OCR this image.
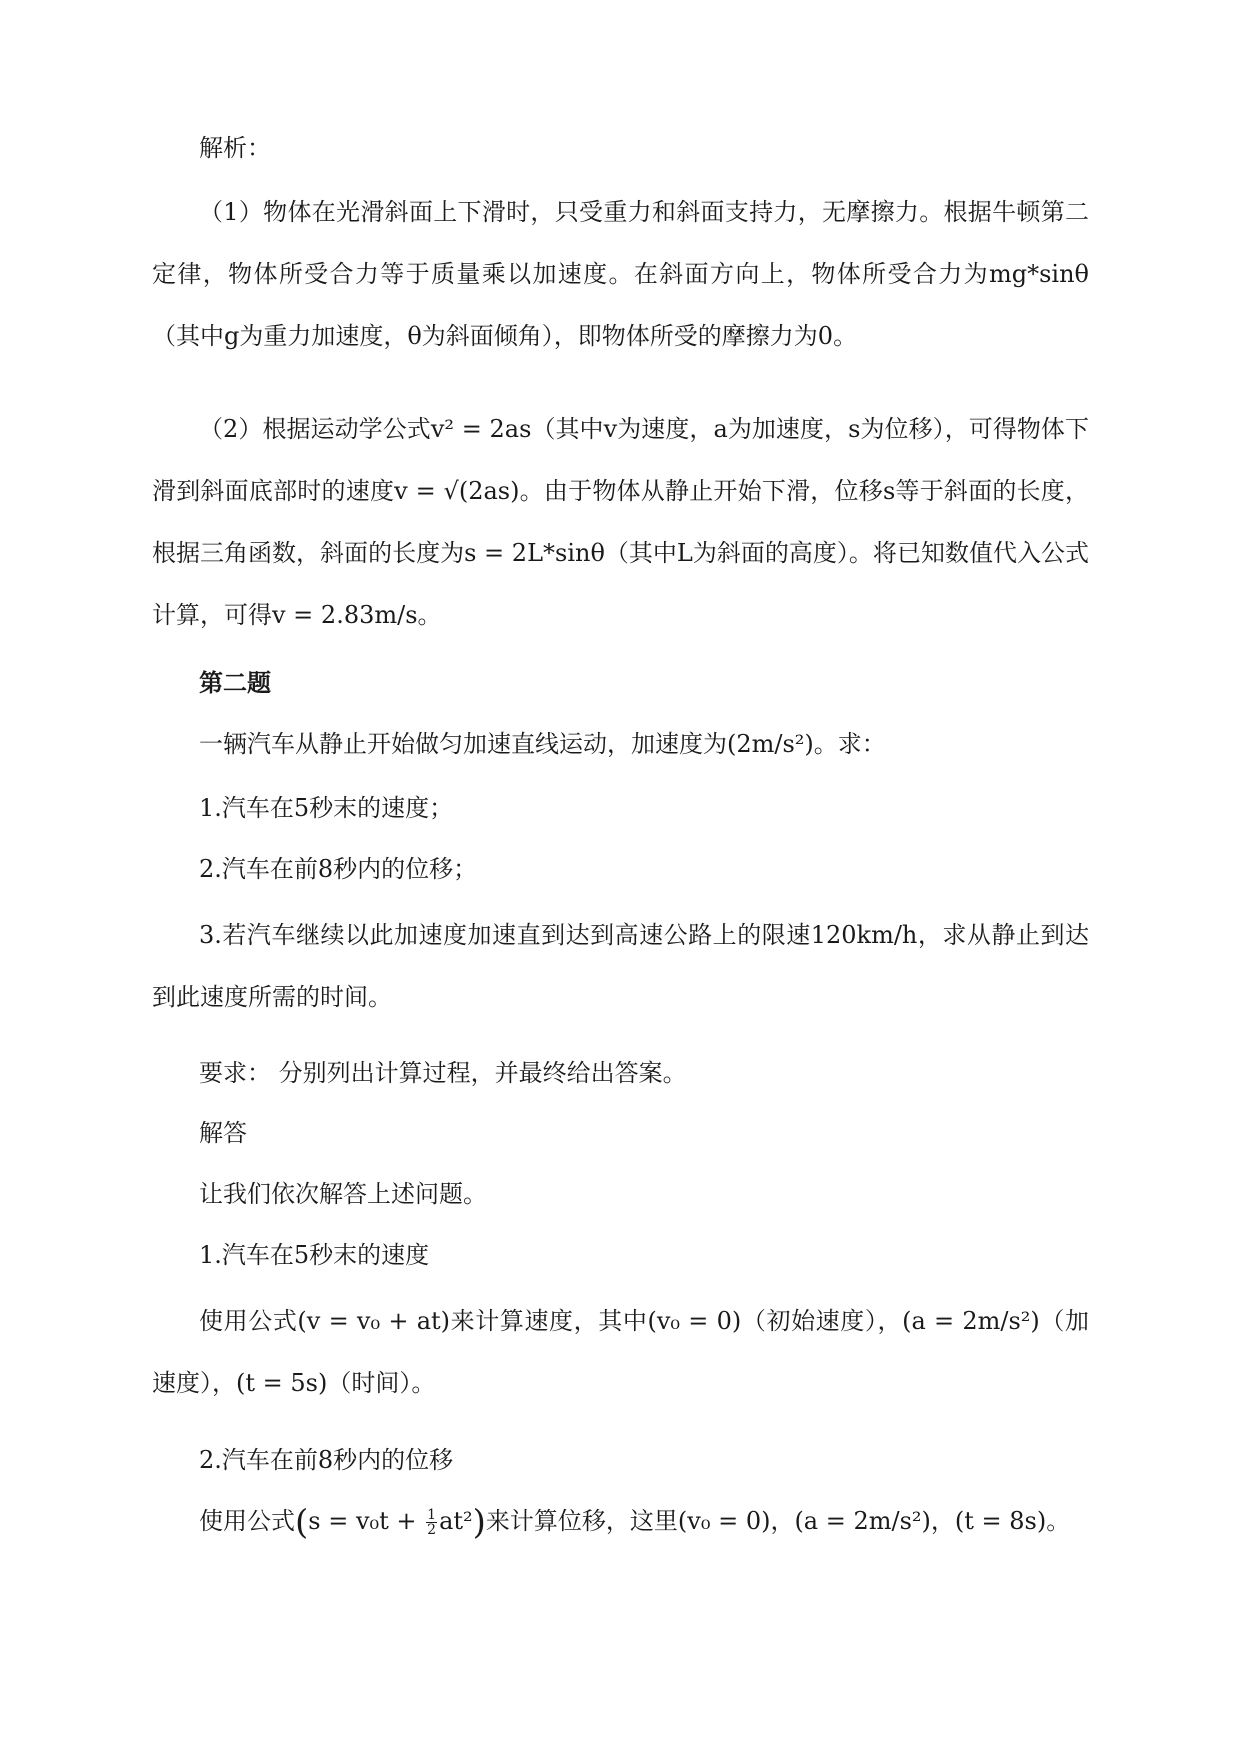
解析：

（1）物体在光滑斜面上下滑时，只受重力和斜面支持力，无摩擦力。根据牛顿第二定律，物体所受合力等于质量乘以加速度。在斜面方向上，物体所受合力为mg*sinθ（其中g为重力加速度，θ为斜面倾角），即物体所受的摩擦力为0。

（2）根据运动学公式v² = 2as（其中v为速度，a为加速度，s为位移），可得物体下滑到斜面底部时的速度v = √(2as)。由于物体从静止开始下滑，位移s等于斜面的长度，根据三角函数，斜面的长度为s = 2L*sinθ（其中L为斜面的高度）。将已知数值代入公式计算，可得v = 2.83m/s。

第二题

一辆汽车从静止开始做匀加速直线运动，加速度为(2m/s²)。求：

1.汽车在5秒末的速度；

2.汽车在前8秒内的位移；

3.若汽车继续以此加速度加速直到达到高速公路上的限速120km/h，求从静止到达到此速度所需的时间。

要求： 分别列出计算过程，并最终给出答案。

解答

让我们依次解答上述问题。

1.汽车在5秒末的速度

使用公式(v = v₀ + at)来计算速度，其中(v₀ = 0)（初始速度），(a = 2m/s²)（加速度），(t = 5s)（时间）。

2.汽车在前8秒内的位移

使用公式$(s = v_0t + \frac{1}{2} at^2)$来计算位移，这里(v₀ = 0)，(a = 2m/s²)，(t = 8s)。
